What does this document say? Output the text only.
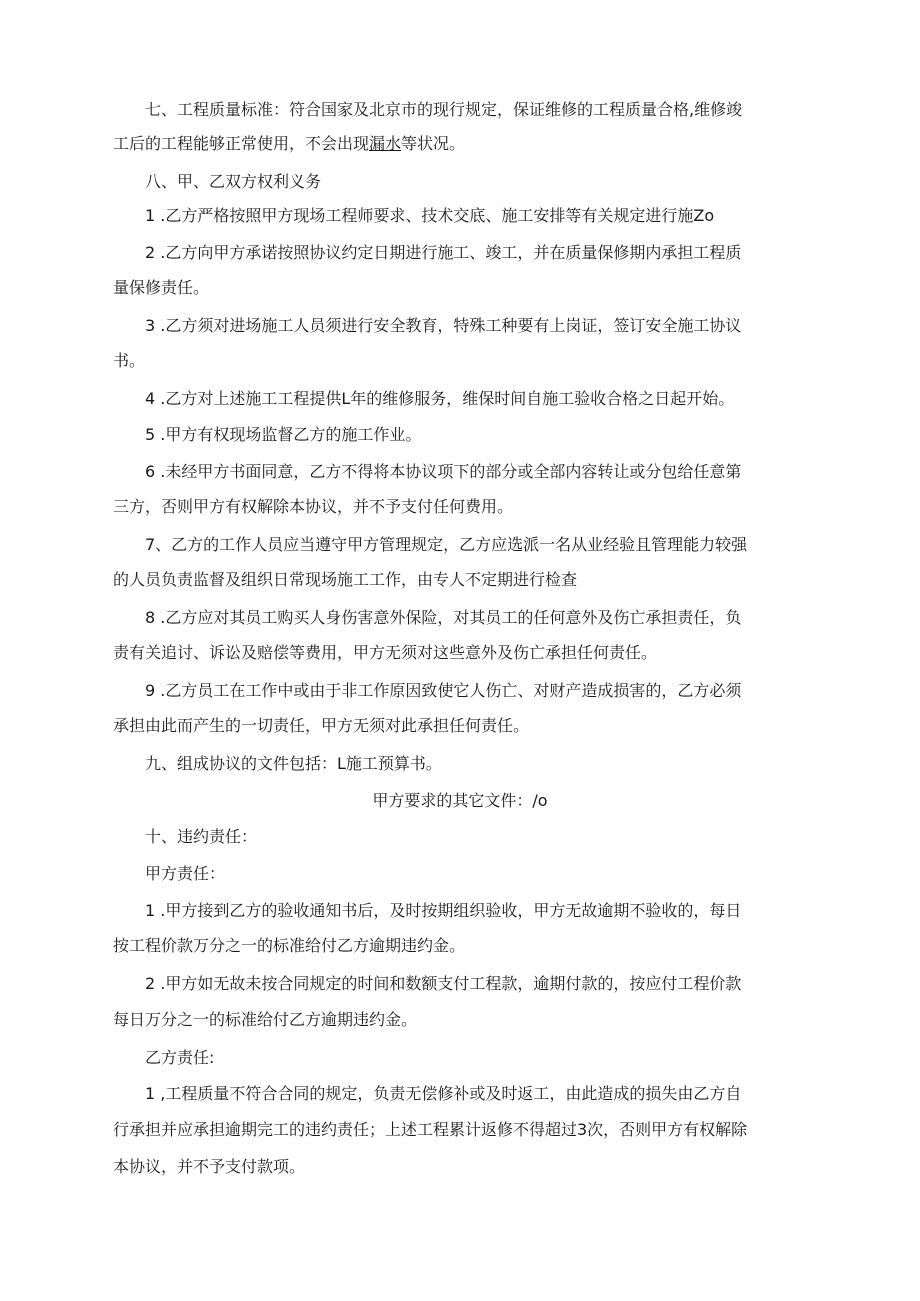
七、工程质量标准：符合国家及北京市的现行规定，保证维修的工程质量合格,维修竣
工后的工程能够正常使用，不会出现漏水等状况。
八、甲、乙双方权利义务
1 .乙方严格按照甲方现场工程师要求、技术交底、施工安排等有关规定进行施Zo
2 .乙方向甲方承诺按照协议约定日期进行施工、竣工，并在质量保修期内承担工程质
量保修责任。
3 .乙方须对进场施工人员须进行安全教育，特殊工种要有上岗证，签订安全施工协议
书。
4 .乙方对上述施工工程提供L年的维修服务，维保时间自施工验收合格之日起开始。
5 .甲方有权现场监督乙方的施工作业。
6 .未经甲方书面同意，乙方不得将本协议项下的部分或全部内容转让或分包给任意第
三方，否则甲方有权解除本协议，并不予支付任何费用。
7、乙方的工作人员应当遵守甲方管理规定，乙方应选派一名从业经验且管理能力较强
的人员负责监督及组织日常现场施工工作，由专人不定期进行检查
8 .乙方应对其员工购买人身伤害意外保险，对其员工的任何意外及伤亡承担责任，负
责有关追讨、诉讼及赔偿等费用，甲方无须对这些意外及伤亡承担任何责任。
9 .乙方员工在工作中或由于非工作原因致使它人伤亡、对财产造成损害的，乙方必须
承担由此而产生的一切责任，甲方无须对此承担任何责任。
九、组成协议的文件包括：L施工预算书。
甲方要求的其它文件：/o
十、违约责任：
甲方责任：
1 .甲方接到乙方的验收通知书后，及时按期组织验收，甲方无故逾期不验收的，每日
按工程价款万分之一的标准给付乙方逾期违约金。
2 .甲方如无故未按合同规定的时间和数额支付工程款，逾期付款的，按应付工程价款
每日万分之一的标准给付乙方逾期违约金。
乙方责任:
1 ,工程质量不符合合同的规定，负责无偿修补或及时返工，由此造成的损失由乙方自
行承担并应承担逾期完工的违约责任；上述工程累计返修不得超过3次，否则甲方有权解除
本协议，并不予支付款项。
